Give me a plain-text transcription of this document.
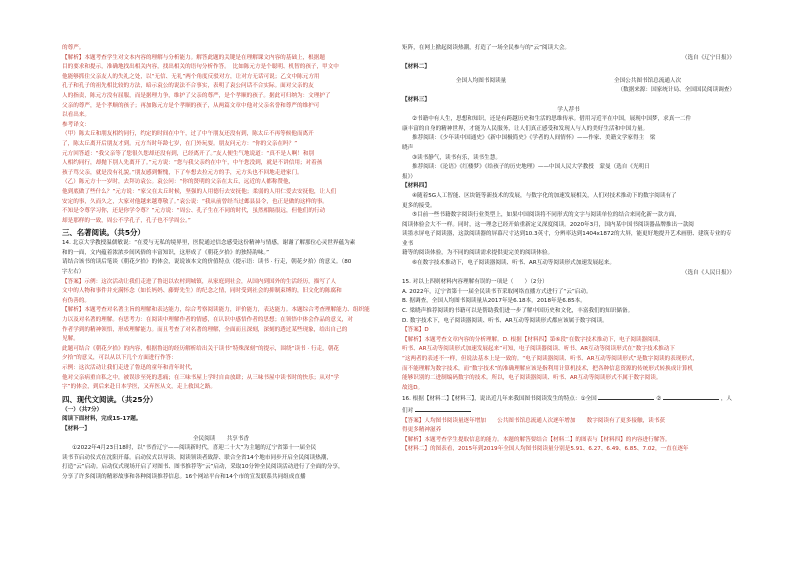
的尊严。

【解析】本题考查学生对文本内容的理解与分析能力。解答此题的关键是在理解课文内容的基础上，根据题

目的要求和提示，准确地找出相关内容，找出相关的语句分析作答。　比如陈元方是个聪明、机智的孩子，甲文中

他能够抓住父亲友人的失礼之处，以“无信、无礼”两个角度反驳对方，让对方无话可说；乙文中陈元方用

孔子和孔子的祖先相比较的方法，暗示袁公的说法不合事实，表明了袁公问话不合实际。面对父亲的友

人的指责，陈元方没有屈服，而是据理力争，维护了父亲的尊严，是个孝顺的孩子。据此可归纳为：文理护了

父亲的尊严，是个孝顺的孩子；再加陈元方是个孝顺的孩子，从两篇文章中他对父亲名誉和尊严的维护可

以看出来。

参考译文：

（甲）陈太丘和朋友相约同行，约定的时间在中午，过了中午朋友还没有到，陈太丘不再等候他而离开

了，陈太丘离开后朋友才到。元方当时年龄七岁，在门外玩耍。朋友问元方：“你的父亲在吗？”

元方回答道：“我父亲等了您很久您却还没有到，已经离开了。”友人便生气地说道：“真不是人啊！和别

人相约同行，却抛下别人先离开了。”元方说：“您与我父亲约在中午，中午您没到，就是不讲信用；对着孩

孩子骂父亲，就是没有礼貌。”朋友感到惭愧，下了车想去拉元方的手，元方头也不回地走进家门。

（乙）陈元方十一岁时，去拜访袁公。袁公问：“你的贤明的父亲在太丘，远近的人都称赞他，

他到底做了些什么？”元方说：“家父在太丘时候，坚强的人用德行去安抚他；柔弱的人用仁爱去安抚他，让人们

安定的事，久而久之，大家对他越来越尊敬了。”袁公说：“我从前曾经当过邺县县令，也正是做的这样的事。

不知是令尊学习你，还是你学令尊？”元方说：“周公、孔子生在不同的时代，虽然相隔很远，但他们的行动

却是那样的一致，周公不学孔子，孔子也不学周公。”

三、名著阅读。（共5分）

14. 北京大学教授温儒敏说：“在爱与无私的境界里，医院通过信念感受这份精神与情感，谢谢了解那位心灵世界蕴为素

和的一面，文内蕴着浓浓乡间风俗的丰富知识，这形成了《朝花夕拾》的独特韵味。”

请结合该书的读后笔谈《朝花夕拾》的体会，说说该本文的价值特点（提示语：读书 · 行走，朝花夕拾）的意义。（80

字左右）

【答案】示例：这次活动让我们走进了鲁迅以农村到城镇，从家庭到社会，从国内到国外的生活经历，描写了人

文中的人物和事件并充满怀念（如长妈妈、藤野先生）的纪念之情，同时受到社会的抑制束缚的，旧文化的陈腐和

有伪善的。

【解析】本题考查对名著主旨的理解和表达能力，综合考察阅读能力，评价能力，表达能力。本题综合考查理解能力、组织能

力以及对名著的理解。有思考力：在阅读中理解作者的情感，在认识中感悟作者的思想；在领悟中体会作品的意义，对

作者学到的精神领悟，形成理解能力。而且考查了对名著的理解，全面而且深刻，深刻的透过某些现象，给出自己的

见解。

此题可结合《朝花夕拾》的内容，根据鲁迅的经历解析给出关于读书“特殊深刻”的提示，围绕“读书 · 行走，朝花

夕拾”的意义，可以从以下几个方面进行作答：

示例：这次活动让我们走进了鲁迅的童年和青年时代，

他对父亲病重自私之中，被误诊至死的悲痛；在三味书屋上学时自由放肆；从三味书屋中读书时的快乐；从对“学

字”的体会，到后来赴日本学医，又弃医从文，走上救国之路。

四、现代文阅读。（共25分）

（一）（共7分）

阅读下面材料，完成15-17题。

【材料一】

全民阅读　　共享书香

①2022年4月23日18时，以“书香辽宁——阅读新时代，喜迎二十大”为主题的辽宁省第十一届全民

读书节启动仪式在沈阳开幕。启动仪式以导读、阅读领读者致辞、联合全省14个地市同步开启全民阅读热潮，

打造“云”启动。启动仪式现场开启了对图书、图书推荐等“云”启动，采取10分钟全民阅读活动进行了全面的分享，

分享了许多阅读的精彩故事和各种阅读推荐信息。16个网站平台和14个市的宣发联系共同组成直播

矩阵，在网上掀起阅读热潮，打造了一场全民参与的“云”阅读大会。

（选自《辽宁日报》）

【材料二】

全国人均图书阅读量	全国公共图书馆总流通人次

（数据来源：国家统计局、全国国民阅读调查）

【材料三】

学人荐书

②书籍中有人生，思想和知识，还是有跨越历史和生活的思维传承。借用习近平在中国，展现中国梦，求真一二件

康丰富的自身的精神世界，才能为人民服务，让人们真正感受和发现人与人的美好生活和中国力量。

推荐阅读：《少年读中国通史》《新中国极简史》《学者的人间情怀》——作家、美籍文学家得主　梁

晓声

③读书静气，读书有乐，读书生慧。

推荐阅读：《论语》《红楼梦》《给孩子的历史地理》——中国人民大学教授　蒙曼（选自《光明日

报》）

【材料四】

④随着5G人工智能、区块链等新技术的发展，与数字化的加速发展相关，人们对技术推动下的数字阅读有了

更多的接受。

⑤目前一些书籍数字阅读行业类型上，如果中国阅读将不同形式的文字与阅读单位的结合来同化新一款方面，

阅读体验会大不一样。同时，这一理念已经开始重新定义深度阅读。2020年3月，国内某中国书阅读器品牌推出一款阅

读墨水屏电子阅读器，这款阅读器的屏幕尺寸达到10.3英寸，分辨率达到1404x1872的大屏，能更好地提升艺术画册、建筑专业的专业书

籍等的阅读体验，为不同的阅读需求提供更完美的阅读体验。

⑥在数字技术推动下，电子阅读器阅读、听书、AR互动等阅读形式加速发展起来。

（选自《人民日报》）

15. 对以上四则材料内容理解有误的一项是（　　）（2分）

A. 2022年，辽宁省第十一届全民读书节采取网络直播方式进行了“云”启动。

B. 据调查，全国人均图书阅读量从2017年是6.18本，2018年是6.85本。

C. 梁晓声推荐阅读的书籍可以是帮助我们进一步了解中国历史和文化，丰富我们的知识储备。

D. 数字技术下，电子阅读器阅读、听书、AR互动等阅读形式都应该属于数字阅读。

【答案】D

【解析】本题考查文章内容的分析理解。D. 根据【材料四】第⑥段“在数字技术推动下，电子阅读器阅读、

听书、AR互动等阅读形式加速发展起来”可知，电子阅读器阅读、听书、AR互动等阅读形式在“数字技术推动下

”这两者的表述不一样，但说法基本上是一致的。“电子阅读器阅读、听书、AR互动等阅读形式”是数字阅读的表现形式，

而不能理解为数字技术，而“数字技术”的准确理解应该是指利用计算机技术，把各种信息资源的传统形式转换成计算机

能够识别的二进制编码数字的技术。所以，电子阅读器阅读、听书、AR互动等阅读形式不属于数字阅读。

故选D。

16. 根据【材料二】【材料三】，说出近几年来我国图书阅读发生的特点：①全国	②	，人们对

【答案】人均图书阅读量逐年增加　　公共图书馆总流通人次逐年增加　　数字阅读有了更多接触，读书获

得更多精神滋养

【解析】本题考查学生提取信息的能力。本题的解答要结合【材料二】的图表与【材料四】的内容进行解答。

【材料二】的图表看，2015年到2019年全国人均图书阅读量分别是5.91、6.27、6.49、6.85、7.02，一直在逐年
